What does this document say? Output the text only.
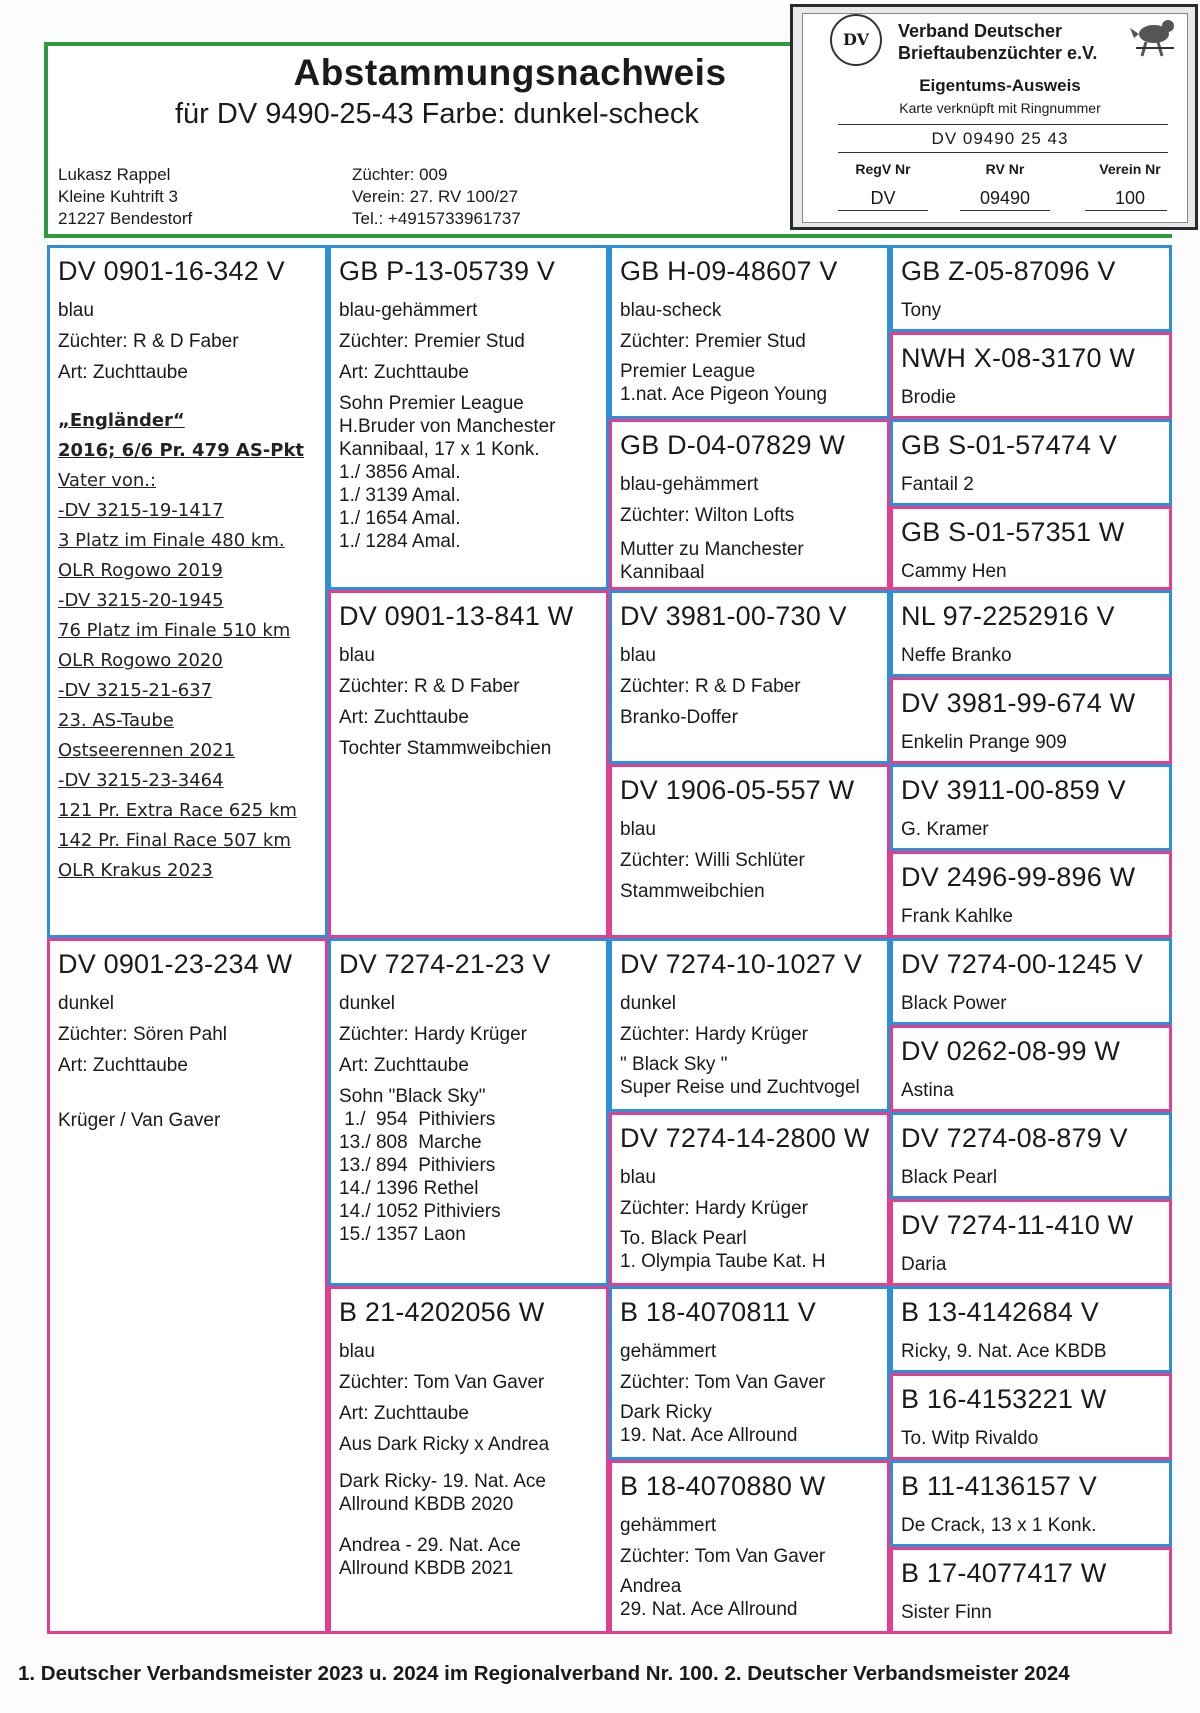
Abstammungsnachweis
für DV 9490-25-43 Farbe: dunkel-scheck
Lukasz Rappel
Kleine Kuhtrift 3
21227 Bendestorf
Züchter: 009
Verein: 27. RV 100/27
Tel.: +4915733961737
DV	Verband Deutscher
Brieftaubenzüchter e.V.
Eigentums-Ausweis
Karte verknüpft mit Ringnummer
DV 09490 25 43
RegV Nr	RV Nr	Verein Nr
DV	09490	100
DV 0901-16-342 V
blau
Züchter: R & D Faber
Art: Zuchttaube
„Engländer“
2016; 6/6 Pr. 479 AS-Pkt
Vater von.:
-DV 3215-19-1417
3 Platz im Finale 480 km.
OLR Rogowo 2019
-DV 3215-20-1945
76 Platz im Finale 510 km
OLR Rogowo 2020
-DV 3215-21-637
23. AS-Taube
Ostseerennen 2021
-DV 3215-23-3464
121 Pr. Extra Race 625 km
142 Pr. Final Race 507 km
OLR Krakus 2023
DV 0901-23-234 W
dunkel
Züchter: Sören Pahl
Art: Zuchttaube
Krüger / Van Gaver
GB P-13-05739 V
blau-gehämmert
Züchter: Premier Stud
Art: Zuchttaube
Sohn Premier League
H.Bruder von Manchester
Kannibaal, 17 x 1 Konk.
1./ 3856 Amal.
1./ 3139 Amal.
1./ 1654 Amal.
1./ 1284 Amal.
DV 0901-13-841 W
blau
Züchter: R & D Faber
Art: Zuchttaube
Tochter Stammweibchien
DV 7274-21-23 V
dunkel
Züchter: Hardy Krüger
Art: Zuchttaube
Sohn "Black Sky"
1./  954  Pithiviers
13./ 808  Marche
13./ 894  Pithiviers
14./ 1396 Rethel
14./ 1052 Pithiviers
15./ 1357 Laon
B 21-4202056 W
blau
Züchter: Tom Van Gaver
Art: Zuchttaube
Aus Dark Ricky x Andrea
Dark Ricky- 19. Nat. Ace
Allround KBDB 2020
Andrea - 29. Nat. Ace
Allround KBDB 2021
GB H-09-48607 V
blau-scheck
Züchter: Premier Stud
Premier League
1.nat. Ace Pigeon Young
GB D-04-07829 W
blau-gehämmert
Züchter: Wilton Lofts
Mutter zu Manchester
Kannibaal
DV 3981-00-730 V
blau
Züchter: R & D Faber
Branko-Doffer
DV 1906-05-557 W
blau
Züchter: Willi Schlüter
Stammweibchien
DV 7274-10-1027 V
dunkel
Züchter: Hardy Krüger
" Black Sky "
Super Reise und Zuchtvogel
DV 7274-14-2800 W
blau
Züchter: Hardy Krüger
To. Black Pearl
1. Olympia Taube Kat. H
B 18-4070811 V
gehämmert
Züchter: Tom Van Gaver
Dark Ricky
19. Nat. Ace Allround
B 18-4070880 W
gehämmert
Züchter: Tom Van Gaver
Andrea
29. Nat. Ace Allround
GB Z-05-87096 V
Tony
NWH X-08-3170 W
Brodie
GB S-01-57474 V
Fantail 2
GB S-01-57351 W
Cammy Hen
NL 97-2252916 V
Neffe Branko
DV 3981-99-674 W
Enkelin Prange 909
DV 3911-00-859 V
G. Kramer
DV 2496-99-896 W
Frank Kahlke
DV 7274-00-1245 V
Black Power
DV 0262-08-99 W
Astina
DV 7274-08-879 V
Black Pearl
DV 7274-11-410 W
Daria
B 13-4142684 V
Ricky, 9. Nat. Ace KBDB
B 16-4153221 W
To. Witp Rivaldo
B 11-4136157 V
De Crack, 13 x 1 Konk.
B 17-4077417 W
Sister Finn
1. Deutscher Verbandsmeister 2023 u. 2024 im Regionalverband Nr. 100. 2. Deutscher Verbandsmeister 2024
